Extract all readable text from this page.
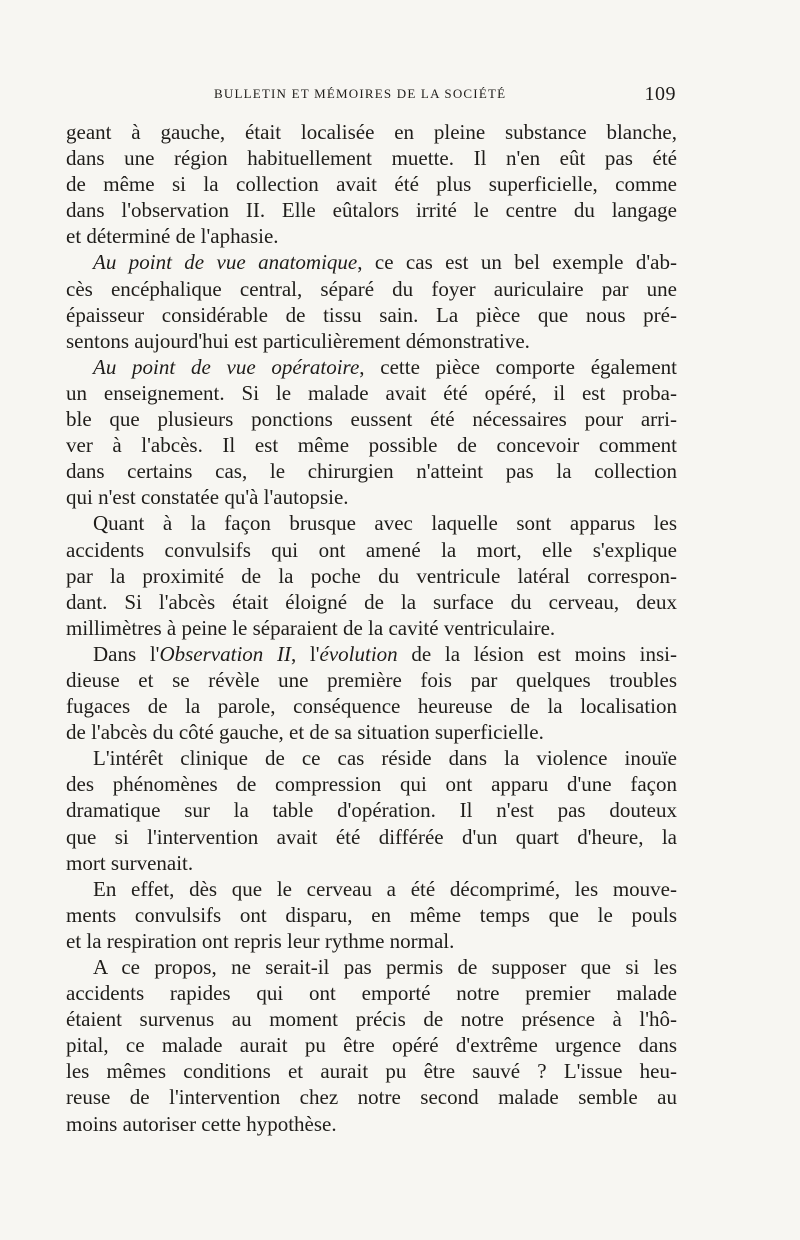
BULLETIN ET MÉMOIRES DE LA SOCIÉTÉ	109
geant à gauche, était localisée en pleine substance blanche,
dans une région habituellement muette. Il n'en eût pas été
de même si la collection avait été plus superficielle, comme
dans l'observation II. Elle eûtalors irrité le centre du langage
et déterminé de l'aphasie.
Au point de vue anatomique, ce cas est un bel exemple d'ab-
cès encéphalique central, séparé du foyer auriculaire par une
épaisseur considérable de tissu sain. La pièce que nous pré-
sentons aujourd'hui est particulièrement démonstrative.
Au point de vue opératoire, cette pièce comporte également
un enseignement. Si le malade avait été opéré, il est proba-
ble que plusieurs ponctions eussent été nécessaires pour arri-
ver à l'abcès. Il est même possible de concevoir comment
dans certains cas, le chirurgien n'atteint pas la collection
qui n'est constatée qu'à l'autopsie.
Quant à la façon brusque avec laquelle sont apparus les
accidents convulsifs qui ont amené la mort, elle s'explique
par la proximité de la poche du ventricule latéral correspon-
dant. Si l'abcès était éloigné de la surface du cerveau, deux
millimètres à peine le séparaient de la cavité ventriculaire.
Dans l'Observation II, l'évolution de la lésion est moins insi-
dieuse et se révèle une première fois par quelques troubles
fugaces de la parole, conséquence heureuse de la localisation
de l'abcès du côté gauche, et de sa situation superficielle.
L'intérêt clinique de ce cas réside dans la violence inouïe
des phénomènes de compression qui ont apparu d'une façon
dramatique sur la table d'opération. Il n'est pas douteux
que si l'intervention avait été différée d'un quart d'heure, la
mort survenait.
En effet, dès que le cerveau a été décomprimé, les mouve-
ments convulsifs ont disparu, en même temps que le pouls
et la respiration ont repris leur rythme normal.
A ce propos, ne serait-il pas permis de supposer que si les
accidents rapides qui ont emporté notre premier malade
étaient survenus au moment précis de notre présence à l'hô-
pital, ce malade aurait pu être opéré d'extrême urgence dans
les mêmes conditions et aurait pu être sauvé ? L'issue heu-
reuse de l'intervention chez notre second malade semble au
moins autoriser cette hypothèse.
